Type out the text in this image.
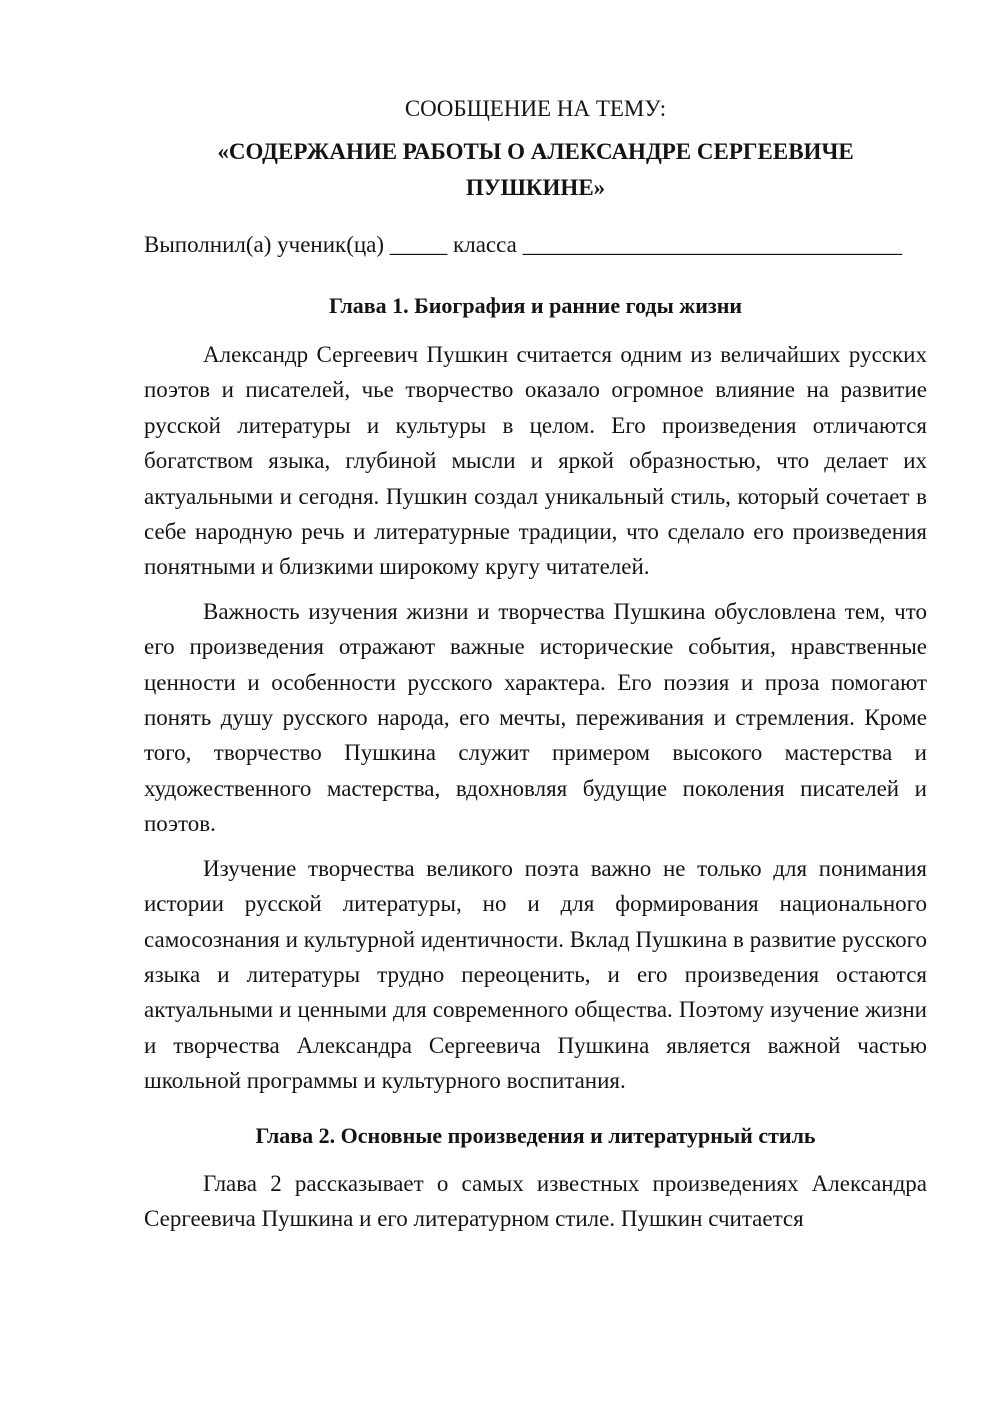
СООБЩЕНИЕ НА ТЕМУ:
«СОДЕРЖАНИЕ РАБОТЫ О АЛЕКСАНДРЕ СЕРГЕЕВИЧЕ ПУШКИНЕ»
Выполнил(а) ученик(ца) _____ класса _________________________________
Глава 1. Биография и ранние годы жизни

Александр Сергеевич Пушкин считается одним из величайших русских поэтов и писателей, чье творчество оказало огромное влияние на развитие русской литературы и культуры в целом. Его произведения отличаются богатством языка, глубиной мысли и яркой образностью, что делает их актуальными и сегодня. Пушкин создал уникальный стиль, который сочетает в себе народную речь и литературные традиции, что сделало его произведения понятными и близкими широкому кругу читателей.

Важность изучения жизни и творчества Пушкина обусловлена тем, что его произведения отражают важные исторические события, нравственные ценности и особенности русского характера. Его поэзия и проза помогают понять душу русского народа, его мечты, переживания и стремления. Кроме того, творчество Пушкина служит примером высокого мастерства и художественного мастерства, вдохновляя будущие поколения писателей и поэтов.

Изучение творчества великого поэта важно не только для понимания истории русской литературы, но и для формирования национального самосознания и культурной идентичности. Вклад Пушкина в развитие русского языка и литературы трудно переоценить, и его произведения остаются актуальными и ценными для современного общества. Поэтому изучение жизни и творчества Александра Сергеевича Пушкина является важной частью школьной программы и культурного воспитания.

Глава 2. Основные произведения и литературный стиль

Глава 2 рассказывает о самых известных произведениях Александра Сергеевича Пушкина и его литературном стиле. Пушкин считается
